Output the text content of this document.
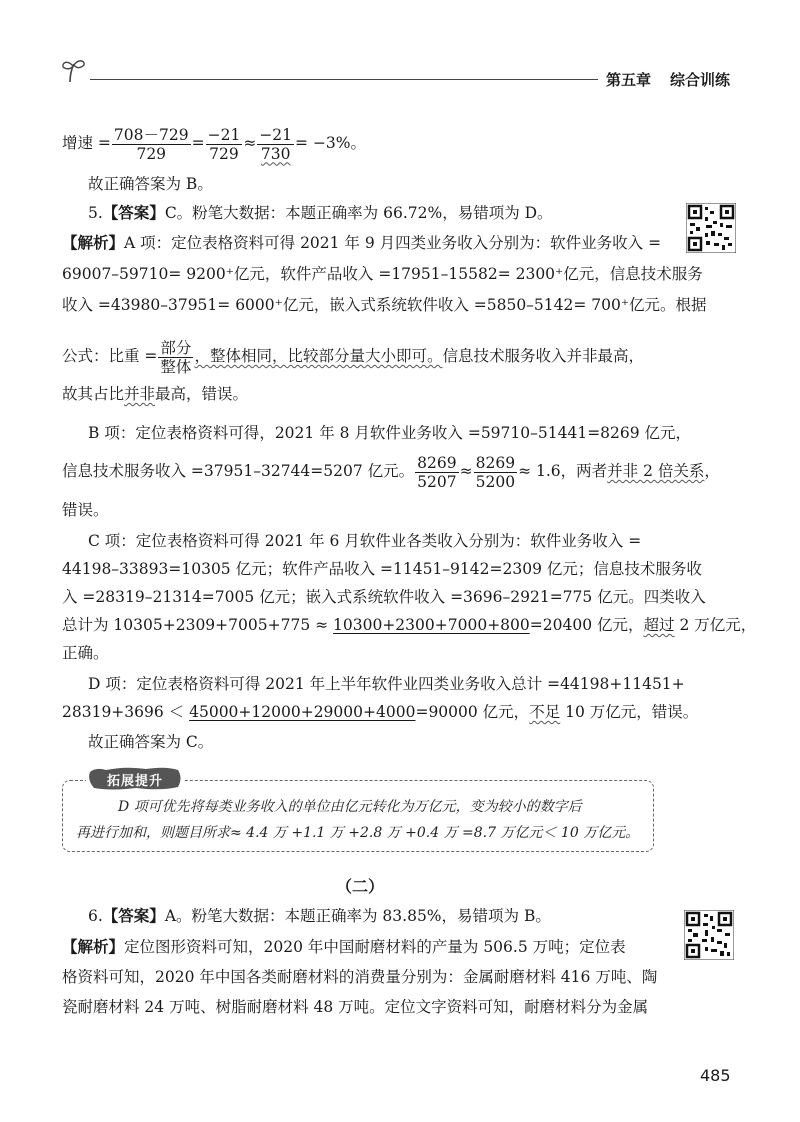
第五章 综合训练
增速 = $\frac{708-729}{729} = \frac{-21}{729} \approx \frac{-21}{730} = -3\%$。
故正确答案为 B。
5.【答案】C。粉笔大数据：本题正确率为 66.72%，易错项为 D。
【解析】A 项：定位表格资料可得 2021 年 9 月四类业务收入分别为：软件业务收入 =
69007–59710= 9200⁺亿元，软件产品收入 =17951–15582= 2300⁺亿元，信息技术服务
收入 =43980–37951= 6000⁺亿元，嵌入式系统软件收入 =5850–5142= 700⁺亿元。根据
公式：比重 = $\frac{\text{部分}}{\text{整体}}$ ，整体相同，比较部分量大小即可。信息技术服务收入并非最高，
故其占比并非最高，错误。
B 项：定位表格资料可得，2021 年 8 月软件业务收入 =59710–51441=8269 亿元，
信息技术服务收入 =37951–32744=5207 亿元。 $\frac{8269}{5207} \approx \frac{8269}{5200} \approx 1.6$，两者并非 2 倍关系，
错误。
C 项：定位表格资料可得 2021 年 6 月软件业各类收入分别为：软件业务收入 =
44198–33893=10305 亿元；软件产品收入 =11451–9142=2309 亿元；信息技术服务收
入 =28319–21314=7005 亿元；嵌入式系统软件收入 =3696–2921=775 亿元。四类收入
总计为 10305+2309+7005+775 ≈ 10300+2300+7000+800=20400 亿元，超过 2 万亿元，
正确。
D 项：定位表格资料可得 2021 年上半年软件业四类业务收入总计 =44198+11451+
28319+3696 ＜ 45000+12000+29000+4000=90000 亿元，不足 10 万亿元，错误。
故正确答案为 C。
拓展提升
D 项可优先将每类业务收入的单位由亿元转化为万亿元，变为较小的数字后
再进行加和，则题目所求≈ 4.4 万 +1.1 万 +2.8 万 +0.4 万 =8.7 万亿元＜ 10 万亿元。
（二）
6.【答案】A。粉笔大数据：本题正确率为 83.85%，易错项为 B。
【解析】定位图形资料可知，2020 年中国耐磨材料的产量为 506.5 万吨；定位表
格资料可知，2020 年中国各类耐磨材料的消费量分别为：金属耐磨材料 416 万吨、陶
瓷耐磨材料 24 万吨、树脂耐磨材料 48 万吨。定位文字资料可知，耐磨材料分为金属
485
